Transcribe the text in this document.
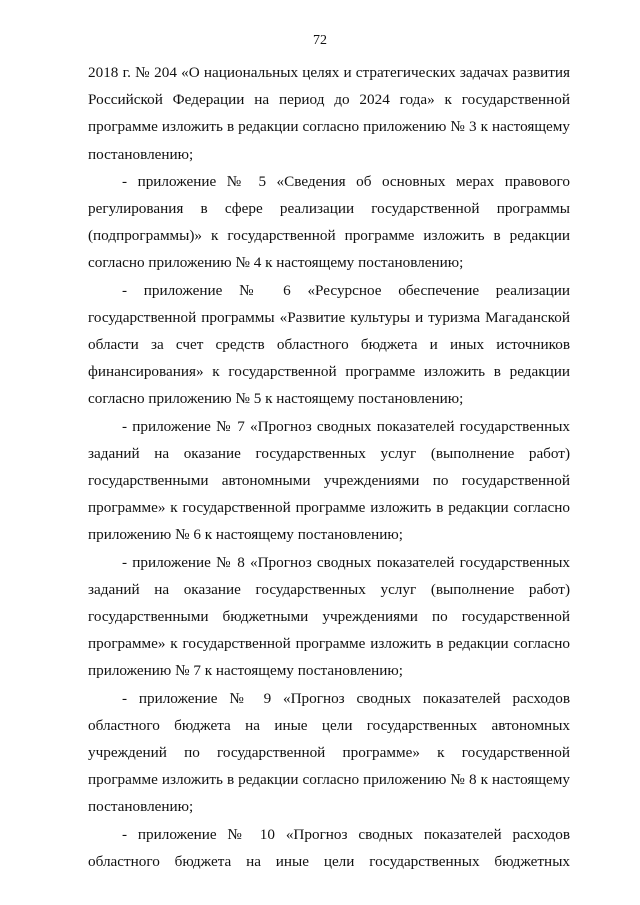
72

2018 г. № 204 «О национальных целях и стратегических задачах развития Российской Федерации на период до 2024 года» к государственной программе изложить в редакции согласно приложению № 3 к настоящему постановлению;

- приложение № 5 «Сведения об основных мерах правового регулирования в сфере реализации государственной программы (подпрограммы)» к государственной программе изложить в редакции согласно приложению № 4 к настоящему постановлению;

- приложение № 6 «Ресурсное обеспечение реализации государственной программы «Развитие культуры и туризма Магаданской области за счет средств областного бюджета и иных источников финансирования» к государственной программе изложить в редакции согласно приложению № 5 к настоящему постановлению;

- приложение № 7 «Прогноз сводных показателей государственных заданий на оказание государственных услуг (выполнение работ) государственными автономными учреждениями по государственной программе» к государственной программе изложить в редакции согласно приложению № 6 к настоящему постановлению;

- приложение № 8 «Прогноз сводных показателей государственных заданий на оказание государственных услуг (выполнение работ) государственными бюджетными учреждениями по государственной программе» к государственной программе изложить в редакции согласно приложению № 7 к настоящему постановлению;

- приложение № 9 «Прогноз сводных показателей расходов областного бюджета на иные цели государственных автономных учреждений по государственной программе» к государственной программе изложить в редакции согласно приложению № 8 к настоящему постановлению;

- приложение № 10 «Прогноз сводных показателей расходов областного бюджета на иные цели государственных бюджетных
